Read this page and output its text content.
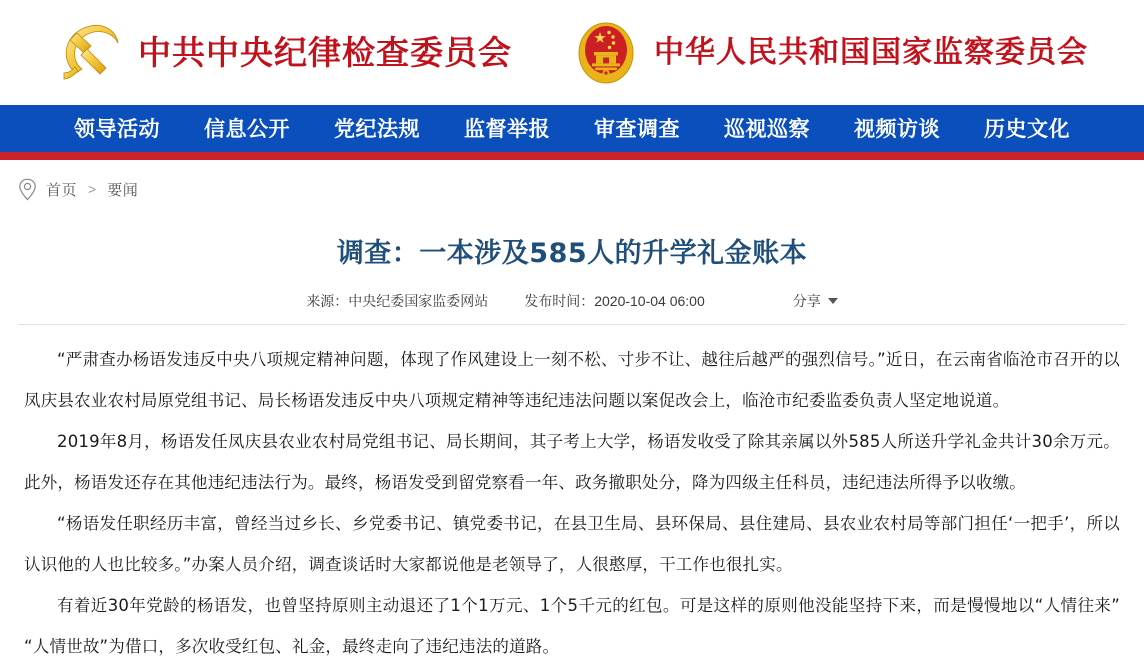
中共中央纪律检查委员会	中华人民共和国国家监察委员会
领导活动	信息公开	党纪法规	监督举报	审查调查	巡视巡察	视频访谈	历史文化
首页 > 要闻
调查：一本涉及585人的升学礼金账本
来源：中央纪委国家监委网站	发布时间：2020-10-04 06:00	分享

“严肃查办杨语发违反中央八项规定精神问题，体现了作风建设上一刻不松、寸步不让、越往后越严的强烈信号。”近日，在云南省临沧市召开的以凤庆县农业农村局原党组书记、局长杨语发违反中央八项规定精神等违纪违法问题以案促改会上，临沧市纪委监委负责人坚定地说道。

2019年8月，杨语发任凤庆县农业农村局党组书记、局长期间，其子考上大学，杨语发收受了除其亲属以外585人所送升学礼金共计30余万元。此外，杨语发还存在其他违纪违法行为。最终，杨语发受到留党察看一年、政务撤职处分，降为四级主任科员，违纪违法所得予以收缴。

“杨语发任职经历丰富，曾经当过乡长、乡党委书记、镇党委书记，在县卫生局、县环保局、县住建局、县农业农村局等部门担任‘一把手’，所以认识他的人也比较多。”办案人员介绍，调查谈话时大家都说他是老领导了，人很憨厚，干工作也很扎实。

有着近30年党龄的杨语发，也曾坚持原则主动退还了1个1万元、1个5千元的红包。可是这样的原则他没能坚持下来，而是慢慢地以“人情往来”“人情世故”为借口，多次收受红包、礼金，最终走向了违纪违法的道路。
